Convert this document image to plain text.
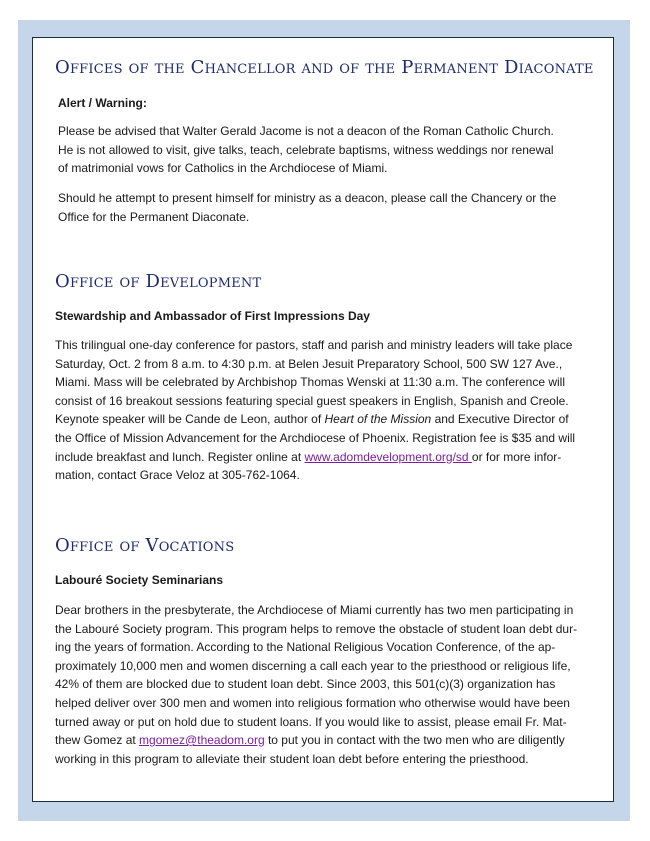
Offices of the Chancellor and of the Permanent Diaconate
Alert / Warning:
Please be advised that Walter Gerald Jacome is not a deacon of the Roman Catholic Church.
He is not allowed to visit, give talks, teach, celebrate baptisms, witness weddings nor renewal
of matrimonial vows for Catholics in the Archdiocese of Miami.
Should he attempt to present himself for ministry as a deacon, please call the Chancery or the
Office for the Permanent Diaconate.
Office of Development
Stewardship and Ambassador of First Impressions Day
This trilingual one-day conference for pastors, staff and parish and ministry leaders will take place
Saturday, Oct. 2 from 8 a.m. to 4:30 p.m. at Belen Jesuit Preparatory School, 500 SW 127 Ave.,
Miami. Mass will be celebrated by Archbishop Thomas Wenski at 11:30 a.m. The conference will
consist of 16 breakout sessions featuring special guest speakers in English, Spanish and Creole.
Keynote speaker will be Cande de Leon, author of Heart of the Mission and Executive Director of
the Office of Mission Advancement for the Archdiocese of Phoenix. Registration fee is $35 and will
include breakfast and lunch. Register online at www.adomdevelopment.org/sd or for more infor-
mation, contact Grace Veloz at 305-762-1064.
Office of Vocations
Labouré Society Seminarians
Dear brothers in the presbyterate, the Archdiocese of Miami currently has two men participating in
the Labouré Society program. This program helps to remove the obstacle of student loan debt dur-
ing the years of formation. According to the National Religious Vocation Conference, of the ap-
proximately 10,000 men and women discerning a call each year to the priesthood or religious life,
42% of them are blocked due to student loan debt. Since 2003, this 501(c)(3) organization has
helped deliver over 300 men and women into religious formation who otherwise would have been
turned away or put on hold due to student loans. If you would like to assist, please email Fr. Mat-
thew Gomez at mgomez@theadom.org to put you in contact with the two men who are diligently
working in this program to alleviate their student loan debt before entering the priesthood.
